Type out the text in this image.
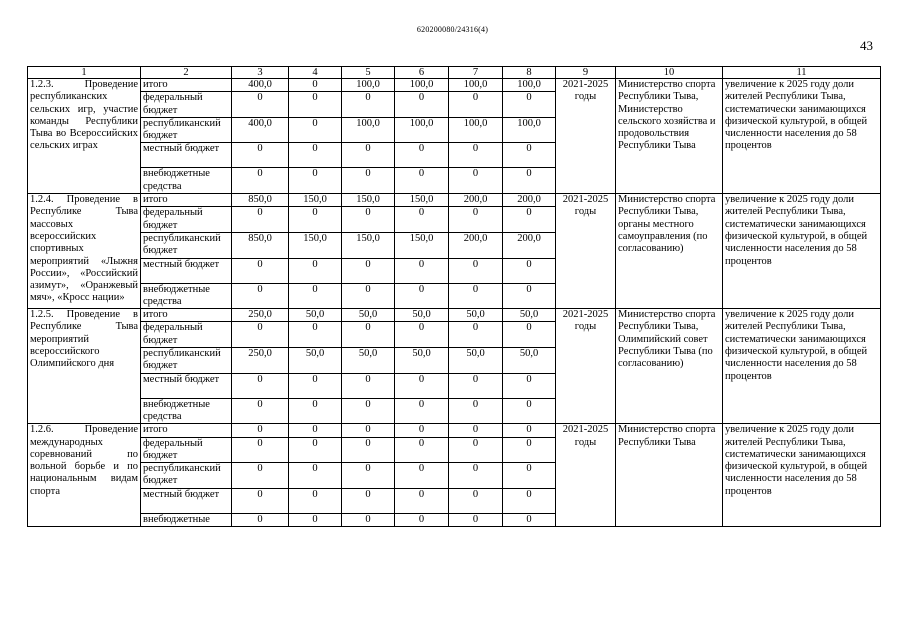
620200080/24316(4)
43
1	2	3	4	5	6	7	8	9	10	11
1.2.3. Проведение республиканских сельских игр, участие команды Республики Тыва во Всероссийских сельских играх	итого	400,0	0	100,0	100,0	100,0	100,0	2021-2025 годы	Министерство спорта Республики Тыва, Министерство сельского хозяйства и продовольствия Республики Тыва	увеличение к 2025 году доли жителей Республики Тыва, систематически занимающихся физической культурой, в общей численности населения до 58 процентов
	федеральный бюджет	0	0	0	0	0	0			
	республиканский бюджет	400,0	0	100,0	100,0	100,0	100,0			
	местный бюджет	0	0	0	0	0	0			
	внебюджетные средства	0	0	0	0	0	0			
1.2.4. Проведение в Республике Тыва массовых всероссийских спортивных мероприятий «Лыжня России», «Российский азимут», «Оранжевый мяч», «Кросс нации»	итого	850,0	150,0	150,0	150,0	200,0	200,0	2021-2025 годы	Министерство спорта Республики Тыва, органы местного самоуправления (по согласованию)	увеличение к 2025 году доли жителей Республики Тыва, систематически занимающихся физической культурой, в общей численности населения до 58 процентов
	федеральный бюджет	0	0	0	0	0	0			
	республиканский бюджет	850,0	150,0	150,0	150,0	200,0	200,0			
	местный бюджет	0	0	0	0	0	0			
	внебюджетные средства	0	0	0	0	0	0			
1.2.5. Проведение в Республике Тыва мероприятий всероссийского Олимпийского дня	итого	250,0	50,0	50,0	50,0	50,0	50,0	2021-2025 годы	Министерство спорта Республики Тыва, Олимпийский совет Республики Тыва (по согласованию)	увеличение к 2025 году доли жителей Республики Тыва, систематически занимающихся физической культурой, в общей численности населения до 58 процентов
	федеральный бюджет	0	0	0	0	0	0			
	республиканский бюджет	250,0	50,0	50,0	50,0	50,0	50,0			
	местный бюджет	0	0	0	0	0	0			
	внебюджетные средства	0	0	0	0	0	0			
1.2.6. Проведение международных соревнований по вольной борьбе и по национальным видам спорта	итого	0	0	0	0	0	0	2021-2025 годы	Министерство спорта Республики Тыва	увеличение к 2025 году доли жителей Республики Тыва, систематически занимающихся физической культурой, в общей численности населения до 58 процентов
	федеральный бюджет	0	0	0	0	0	0			
	республиканский бюджет	0	0	0	0	0	0			
	местный бюджет	0	0	0	0	0	0			
	внебюджетные	0	0	0	0	0	0			
